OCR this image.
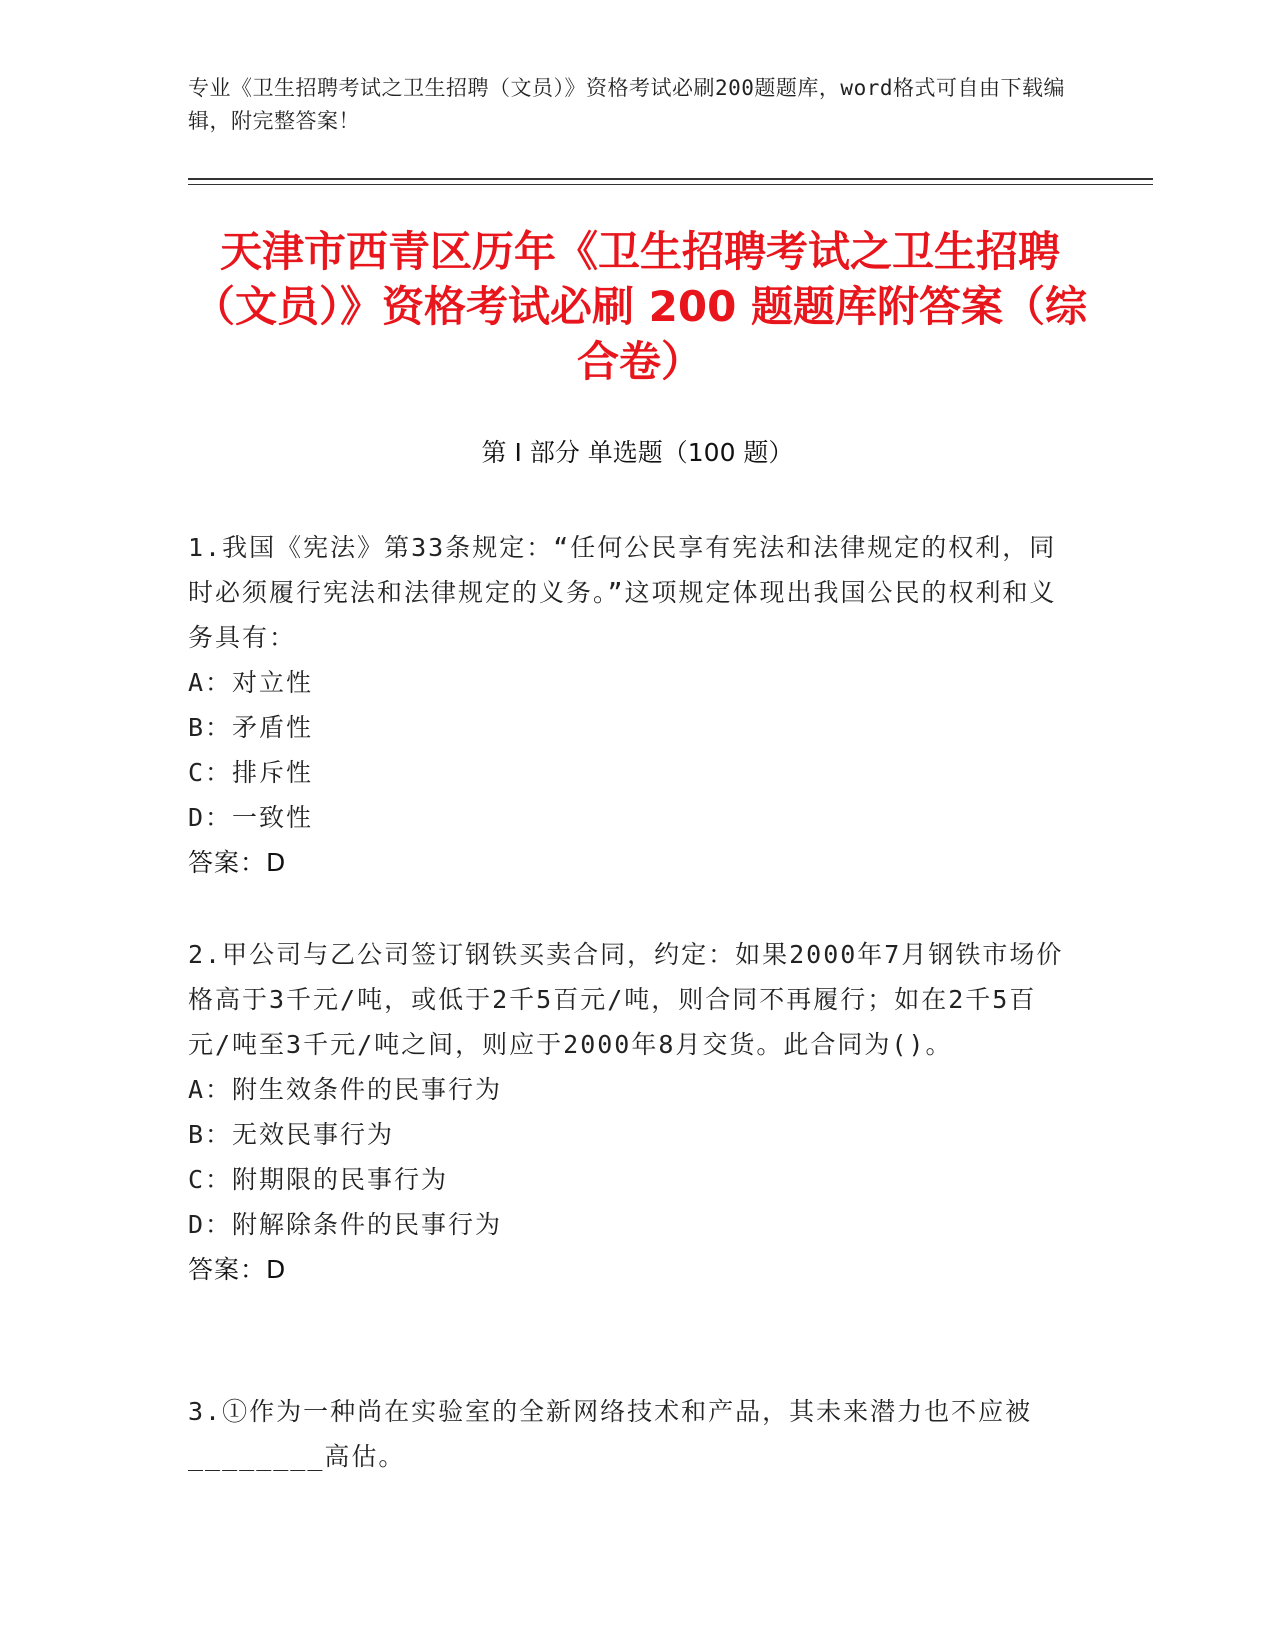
专业《卫生招聘考试之卫生招聘（文员）》资格考试必刷200题题库，word格式可自由下载编辑，附完整答案！
天津市西青区历年《卫生招聘考试之卫生招聘（文员）》资格考试必刷 200 题题库附答案（综合卷）
第 I 部分 单选题（100 题）
1.我国《宪法》第33条规定：“任何公民享有宪法和法律规定的权利，同时必须履行宪法和法律规定的义务。”这项规定体现出我国公民的权利和义务具有：
A：对立性
B：矛盾性
C：排斥性
D：一致性
答案：D
2.甲公司与乙公司签订钢铁买卖合同，约定：如果2000年7月钢铁市场价格高于3千元/吨，或低于2千5百元/吨，则合同不再履行；如在2千5百元/吨至3千元/吨之间，则应于2000年8月交货。此合同为()。
A：附生效条件的民事行为
B：无效民事行为
C：附期限的民事行为
D：附解除条件的民事行为
答案：D
3.①作为一种尚在实验室的全新网络技术和产品，其未来潜力也不应被________高估。
